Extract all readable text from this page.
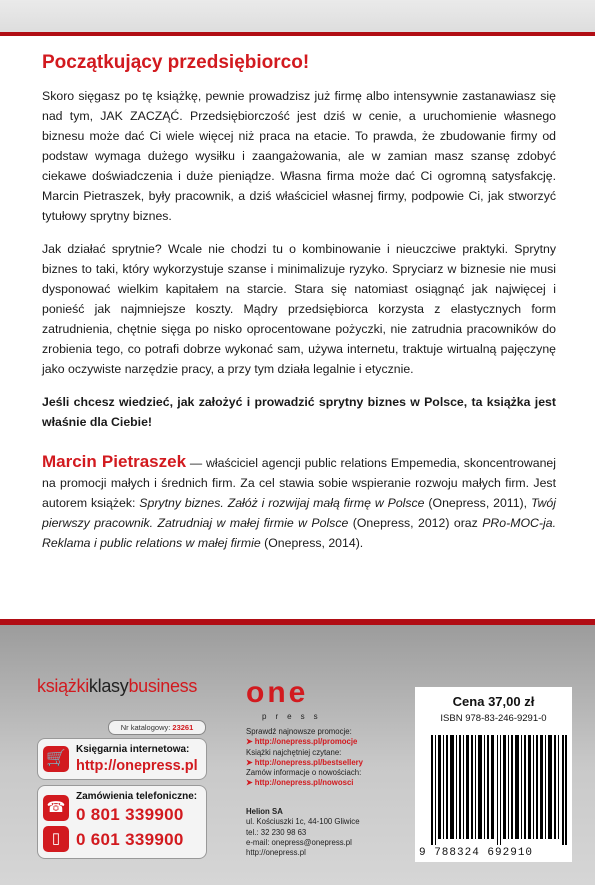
Początkujący przedsiębiorco!

Skoro sięgasz po tę książkę, pewnie prowadzisz już firmę albo intensywnie zastanawiasz się nad tym, JAK ZACZĄĆ. Przedsiębiorczość jest dziś w cenie, a uruchomienie własnego biznesu może dać Ci wiele więcej niż praca na etacie. To prawda, że zbudowanie firmy od podstaw wymaga dużego wysiłku i zaangażowania, ale w zamian masz szansę zdobyć ciekawe doświadczenia i duże pieniądze. Własna firma może dać Ci ogromną satysfakcję. Marcin Pietraszek, były pracownik, a dziś właściciel własnej firmy, podpowie Ci, jak stworzyć tytułowy sprytny biznes.

Jak działać sprytnie? Wcale nie chodzi tu o kombinowanie i nieuczciwe praktyki. Sprytny biznes to taki, który wykorzystuje szanse i minimalizuje ryzyko. Spryciarz w biznesie nie musi dysponować wielkim kapitałem na starcie. Stara się natomiast osiągnąć jak najwięcej i ponieść jak najmniejsze koszty. Mądry przedsiębiorca korzysta z elastycznych form zatrudnienia, chętnie sięga po nisko oprocentowane pożyczki, nie zatrudnia pracowników do zrobienia tego, co potrafi dobrze wykonać sam, używa internetu, traktuje wirtualną pajęczynę jako oczywiste narzędzie pracy, a przy tym działa legalnie i etycznie.

Jeśli chcesz wiedzieć, jak założyć i prowadzić sprytny biznes w Polsce, ta książka jest właśnie dla Ciebie!

Marcin Pietraszek — właściciel agencji public relations Empemedia, skoncentrowanej na promocji małych i średnich firm. Za cel stawia sobie wspieranie rozwoju małych firm. Jest autorem książek: Sprytny biznes. Załóż i rozwijaj małą firmę w Polsce (Onepress, 2011), Twój pierwszy pracownik. Zatrudniaj w małej firmie w Polsce (Onepress, 2012) oraz PRo-MOC-ja. Reklama i public relations w małej firmie (Onepress, 2014).

książkiklasybusiness
Nr katalogowy: 23261
🛒
Księgarnia internetowa:
http://onepress.pl
☎
▯
Zamówienia telefoniczne:
0 801 339900
0 601 339900
one
press
Sprawdź najnowsze promocje:
➤ http://onepress.pl/promocje
Książki najchętniej czytane:
➤ http://onepress.pl/bestsellery
Zamów informacje o nowościach:
➤ http://onepress.pl/nowosci
Helion SA
ul. Kościuszki 1c, 44-100 Gliwice
tel.: 32 230 98 63
e-mail: onepress@onepress.pl
http://onepress.pl
Cena 37,00 zł
ISBN 978-83-246-9291-0
9 788324 692910
